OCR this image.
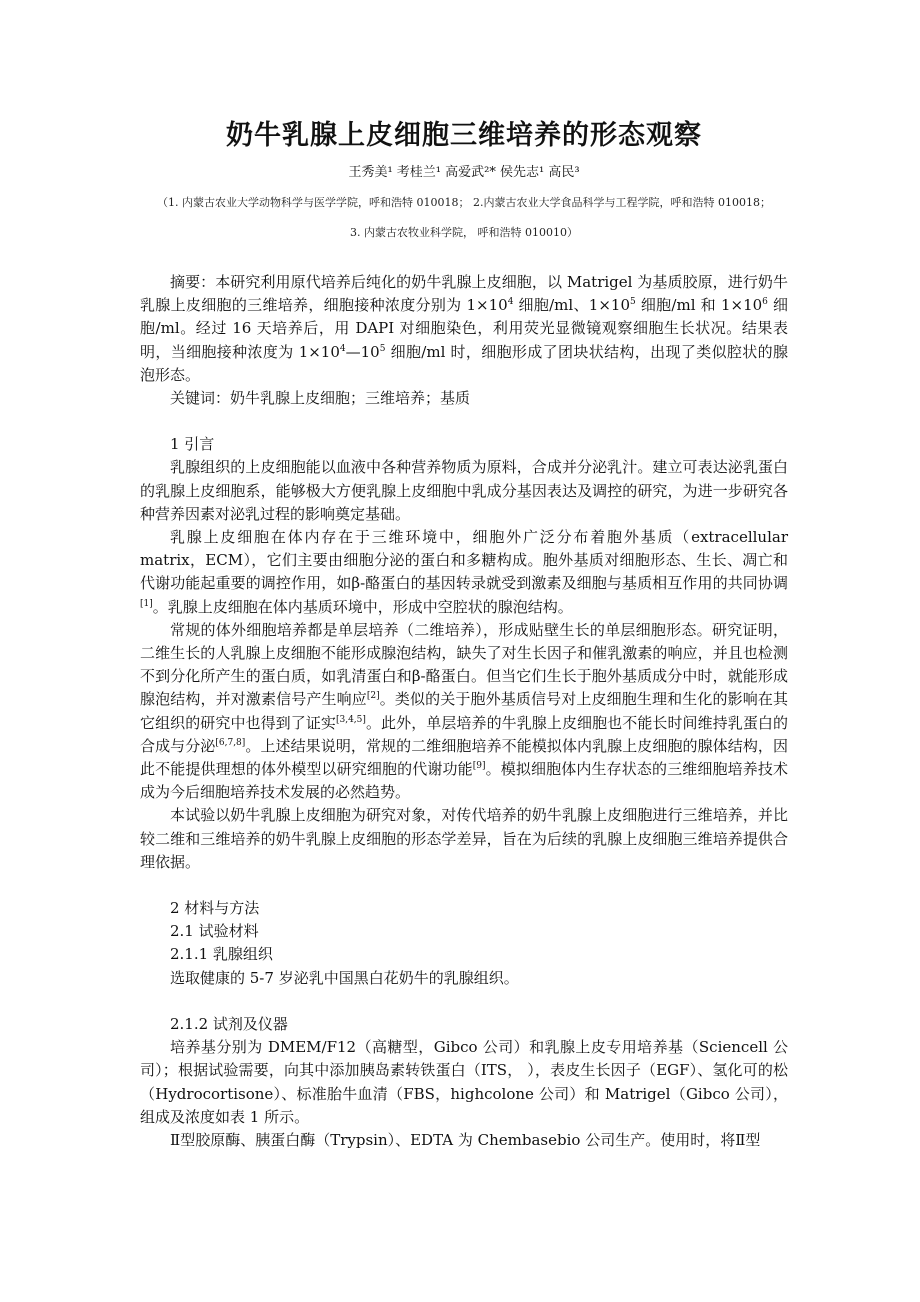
奶牛乳腺上皮细胞三维培养的形态观察
王秀美¹ 考桂兰¹ 高爱武²* 侯先志¹ 高民³
（1. 内蒙古农业大学动物科学与医学学院，呼和浩特 010018； 2.内蒙古农业大学食品科学与工程学院，呼和浩特 010018；
3. 内蒙古农牧业科学院， 呼和浩特 010010）

摘要：本研究利用原代培养后纯化的奶牛乳腺上皮细胞，以 Matrigel 为基质胶原，进行奶牛乳腺上皮细胞的三维培养，细胞接种浓度分别为 $1\times 10^4$ 细胞/ml、$1\times 10^5$ 细胞/ml 和 $1\times 10^6$ 细胞/ml。经过 16 天培养后，用 DAPI 对细胞染色，利用荧光显微镜观察细胞生长状况。结果表明，当细胞接种浓度为 $1\times 10^4—10^5$ 细胞/ml 时，细胞形成了团块状结构，出现了类似腔状的腺泡形态。

关键词：奶牛乳腺上皮细胞；三维培养；基质

1 引言

乳腺组织的上皮细胞能以血液中各种营养物质为原料，合成并分泌乳汁。建立可表达泌乳蛋白的乳腺上皮细胞系，能够极大方便乳腺上皮细胞中乳成分基因表达及调控的研究，为进一步研究各种营养因素对泌乳过程的影响奠定基础。

乳腺上皮细胞在体内存在于三维环境中，细胞外广泛分布着胞外基质（extracellular matrix，ECM），它们主要由细胞分泌的蛋白和多糖构成。胞外基质对细胞形态、生长、凋亡和代谢功能起重要的调控作用，如β-酪蛋白的基因转录就受到激素及细胞与基质相互作用的共同协调[1]。乳腺上皮细胞在体内基质环境中，形成中空腔状的腺泡结构。

常规的体外细胞培养都是单层培养（二维培养），形成贴壁生长的单层细胞形态。研究证明，二维生长的人乳腺上皮细胞不能形成腺泡结构，缺失了对生长因子和催乳激素的响应，并且也检测不到分化所产生的蛋白质，如乳清蛋白和β-酪蛋白。但当它们生长于胞外基质成分中时，就能形成腺泡结构，并对激素信号产生响应[2]。类似的关于胞外基质信号对上皮细胞生理和生化的影响在其它组织的研究中也得到了证实[3,4,5]。此外，单层培养的牛乳腺上皮细胞也不能长时间维持乳蛋白的合成与分泌[6,7,8]。上述结果说明，常规的二维细胞培养不能模拟体内乳腺上皮细胞的腺体结构，因此不能提供理想的体外模型以研究细胞的代谢功能[9]。模拟细胞体内生存状态的三维细胞培养技术成为今后细胞培养技术发展的必然趋势。

本试验以奶牛乳腺上皮细胞为研究对象，对传代培养的奶牛乳腺上皮细胞进行三维培养，并比较二维和三维培养的奶牛乳腺上皮细胞的形态学差异，旨在为后续的乳腺上皮细胞三维培养提供合理依据。

2 材料与方法

2.1 试验材料

2.1.1 乳腺组织

选取健康的 5-7 岁泌乳中国黑白花奶牛的乳腺组织。

2.1.2 试剂及仪器

培养基分别为 DMEM/F12（高糖型，Gibco 公司）和乳腺上皮专用培养基（Sciencell 公司）；根据试验需要，向其中添加胰岛素转铁蛋白（ITS， ），表皮生长因子（EGF）、氢化可的松（Hydrocortisone）、标准胎牛血清（FBS，highcolone 公司）和 Matrigel（Gibco 公司），组成及浓度如表 1 所示。

Ⅱ型胶原酶、胰蛋白酶（Trypsin）、EDTA 为 Chembasebio 公司生产。使用时，将Ⅱ型
